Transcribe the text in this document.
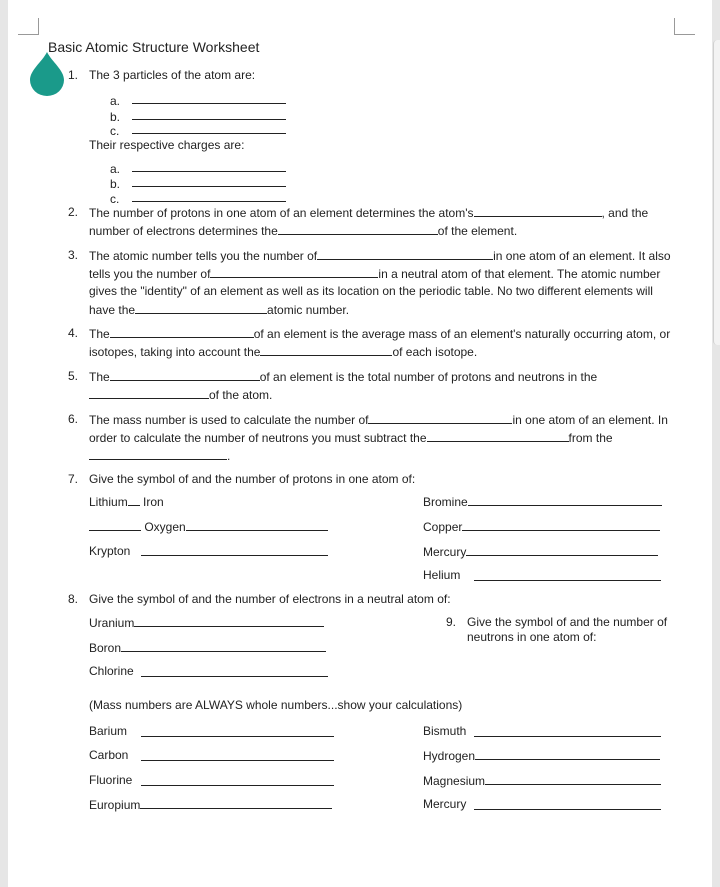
Basic Atomic Structure Worksheet
1. The 3 particles of the atom are:
a.
b.
c.
Their respective charges are:
a.
b.
c.
2. The number of protons in one atom of an element determines the atom's	, and the
number of electrons determines the	of the element.
3. The atomic number tells you the number of	in one atom of an element. It also
tells you the number of	in a neutral atom of that element. The atomic number
gives the "identity" of an element as well as its location on the periodic table. No two different elements will
have the	atomic number.
4. The	of an element is the average mass of an element's naturally occurring atom, or
isotopes, taking into account the	of each isotope.
5. The	of an element is the total number of protons and neutrons in the
of the atom.
6. The mass number is used to calculate the number of	in one atom of an element. In
order to calculate the number of neutrons you must subtract the	from the
.
7. Give the symbol of and the number of protons in one atom of:
Lithium Iron	Bromine
Oxygen	Copper
Krypton	Mercury
Helium
8. Give the symbol of and the number of electrons in a neutral atom of:
Uranium
Boron
Chlorine
9. Give the symbol of and the number of
neutrons in one atom of:
(Mass numbers are ALWAYS whole numbers...show your calculations)
Barium	Bismuth
Carbon	Hydrogen
Fluorine	Magnesium
Europium	Mercury
